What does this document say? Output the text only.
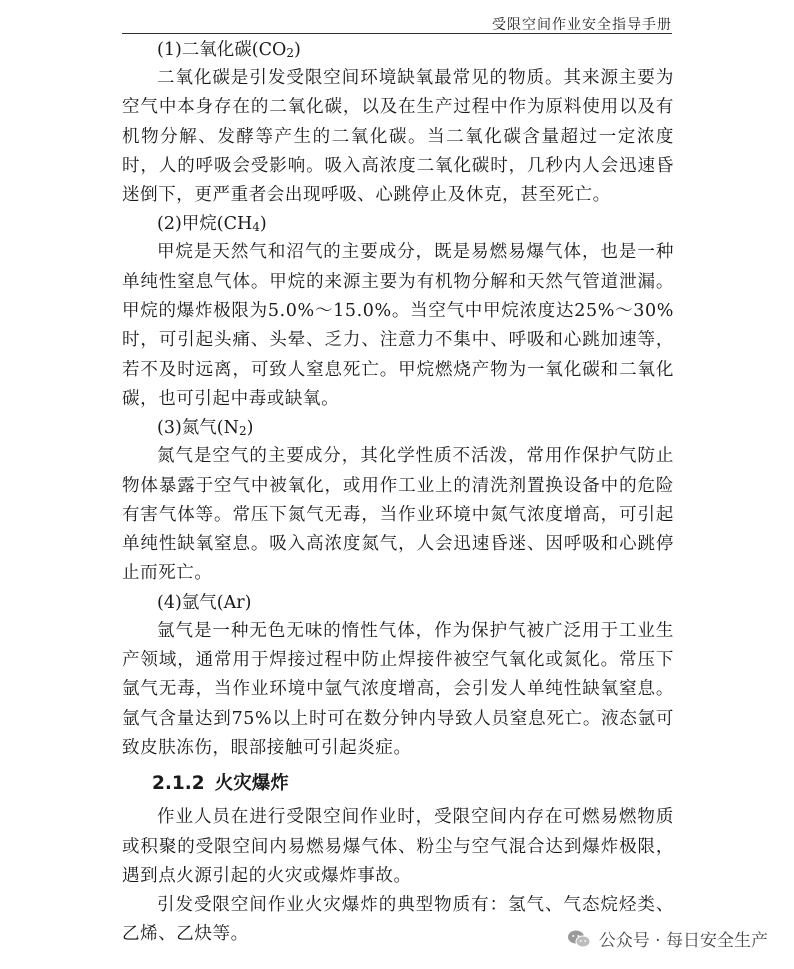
受限空间作业安全指导手册

(1)二氧化碳$(CO_2)$

二氧化碳是引发受限空间环境缺氧最常见的物质。其来源主要为空气中本身存在的二氧化碳，以及在生产过程中作为原料使用以及有机物分解、发酵等产生的二氧化碳。当二氧化碳含量超过一定浓度时，人的呼吸会受影响。吸入高浓度二氧化碳时，几秒内人会迅速昏迷倒下，更严重者会出现呼吸、心跳停止及休克，甚至死亡。

(2)甲烷$(CH_4)$

甲烷是天然气和沼气的主要成分，既是易燃易爆气体，也是一种单纯性窒息气体。甲烷的来源主要为有机物分解和天然气管道泄漏。甲烷的爆炸极限为5.0%～15.0%。当空气中甲烷浓度达25%～30%时，可引起头痛、头晕、乏力、注意力不集中、呼吸和心跳加速等，若不及时远离，可致人窒息死亡。甲烷燃烧产物为一氧化碳和二氧化碳，也可引起中毒或缺氧。

(3)氮气$(N_2)$

氮气是空气的主要成分，其化学性质不活泼，常用作保护气防止物体暴露于空气中被氧化，或用作工业上的清洗剂置换设备中的危险有害气体等。常压下氮气无毒，当作业环境中氮气浓度增高，可引起单纯性缺氧窒息。吸入高浓度氮气，人会迅速昏迷、因呼吸和心跳停止而死亡。

(4)氩气(Ar)

氩气是一种无色无味的惰性气体，作为保护气被广泛用于工业生产领域，通常用于焊接过程中防止焊接件被空气氧化或氮化。常压下氩气无毒，当作业环境中氩气浓度增高，会引发人单纯性缺氧窒息。氩气含量达到75%以上时可在数分钟内导致人员窒息死亡。液态氩可致皮肤冻伤，眼部接触可引起炎症。

2.1.2 火灾爆炸

作业人员在进行受限空间作业时，受限空间内存在可燃易燃物质或积聚的受限空间内易燃易爆气体、粉尘与空气混合达到爆炸极限，遇到点火源引起的火灾或爆炸事故。

引发受限空间作业火灾爆炸的典型物质有：氢气、气态烷烃类、乙烯、乙炔等。	公众号 · 每日安全生产
